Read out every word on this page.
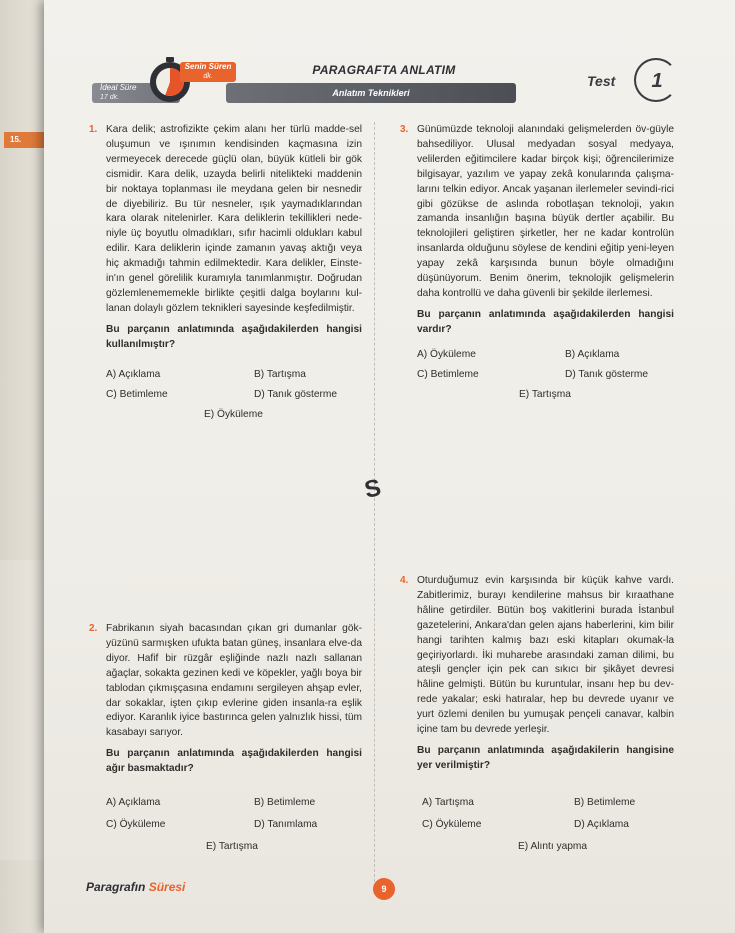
15.
İdeal Süre
17 dk.
Senin Süren
dk.	PARAGRAFTA ANLATIM
Anlatım Teknikleri
Test	1
1. Kara delik; astrofizikte çekim alanı her türlü madde-sel oluşumun ve ışınımın kendisinden kaçmasına izin vermeyecek derecede güçlü olan, büyük kütleli bir gök cismidir. Kara delik, uzayda belirli nitelikteki maddenin bir noktaya toplanması ile meydana gelen bir nesnedir de diyebiliriz. Bu tür nesneler, ışık yaymadıklarından kara olarak nitelenirler. Kara deliklerin tekillikleri nede-niyle üç boyutlu olmadıkları, sıfır hacimli oldukları kabul edilir. Kara deliklerin içinde zamanın yavaş aktığı veya hiç akmadığı tahmin edilmektedir. Kara delikler, Einste-in'ın genel görelilik kuramıyla tanımlanmıştır. Doğrudan gözlemlenememekle birlikte çeşitli dalga boylarını kul-lanan dolaylı gözlem teknikleri sayesinde keşfedilmiştir.

Bu parçanın anlatımında aşağıdakilerden hangisi kullanılmıştır?

A) Açıklama	B) Tartışma
C) Betimleme	D) Tanık gösterme
E) Öyküleme
2. Fabrikanın siyah bacasından çıkan gri dumanlar gök-yüzünü sarmışken ufukta batan güneş, insanlara elve-da diyor. Hafif bir rüzgâr eşliğinde nazlı nazlı sallanan ağaçlar, sokakta gezinen kedi ve köpekler, yağlı boya bir tablodan çıkmışçasına endamını sergileyen ahşap evler, dar sokaklar, işten çıkıp evlerine giden insanla-ra eşlik ediyor. Karanlık iyice bastırınca gelen yalnızlık hissi, tüm kasabayı sarıyor.

Bu parçanın anlatımında aşağıdakilerden hangisi ağır basmaktadır?

A) Açıklama	B) Betimleme
C) Öyküleme	D) Tanımlama
E) Tartışma
3. Günümüzde teknoloji alanındaki gelişmelerden öv-güyle bahsediliyor. Ulusal medyadan sosyal medyaya, velilerden eğitimcilere kadar birçok kişi; öğrencilerimize bilgisayar, yazılım ve yapay zekâ konularında çalışma-larını telkin ediyor. Ancak yaşanan ilerlemeler sevindi-rici gibi gözükse de aslında robotlaşan teknoloji, yakın zamanda insanlığın başına büyük dertler açabilir. Bu teknolojileri geliştiren şirketler, her ne kadar kontrolün insanlarda olduğunu söylese de kendini eğitip yeni-leyen yapay zekâ karşısında bunun böyle olmadığını düşünüyorum. Benim önerim, teknolojik gelişmelerin daha kontrollü ve daha güvenli bir şekilde ilerlemesi.

Bu parçanın anlatımında aşağıdakilerden hangisi vardır?

A) Öyküleme	B) Açıklama
C) Betimleme	D) Tanık gösterme
E) Tartışma
4. Oturduğumuz evin karşısında bir küçük kahve vardı. Zabitlerimiz, burayı kendilerine mahsus bir kıraathane hâline getirdiler. Bütün boş vakitlerini burada İstanbul gazetelerini, Ankara'dan gelen ajans haberlerini, kim bilir hangi tarihten kalmış bazı eski kitapları okumak-la geçiriyorlardı. İki muharebe arasındaki zaman dilimi, bu ateşli gençler için pek can sıkıcı bir şikâyet devresi hâline gelmişti. Bütün bu kuruntular, insanı hep bu dev-rede yakalar; eski hatıralar, hep bu devrede uyanır ve yurt özlemi denilen bu yumuşak pençeli canavar, kalbin içine tam bu devrede yerleşir.

Bu parçanın anlatımında aşağıdakilerin hangisine yer verilmiştir?

A) Tartışma	B) Betimleme
C) Öyküleme	D) Açıklama
E) Alıntı yapma
S
Paragrafın Süresi	9
